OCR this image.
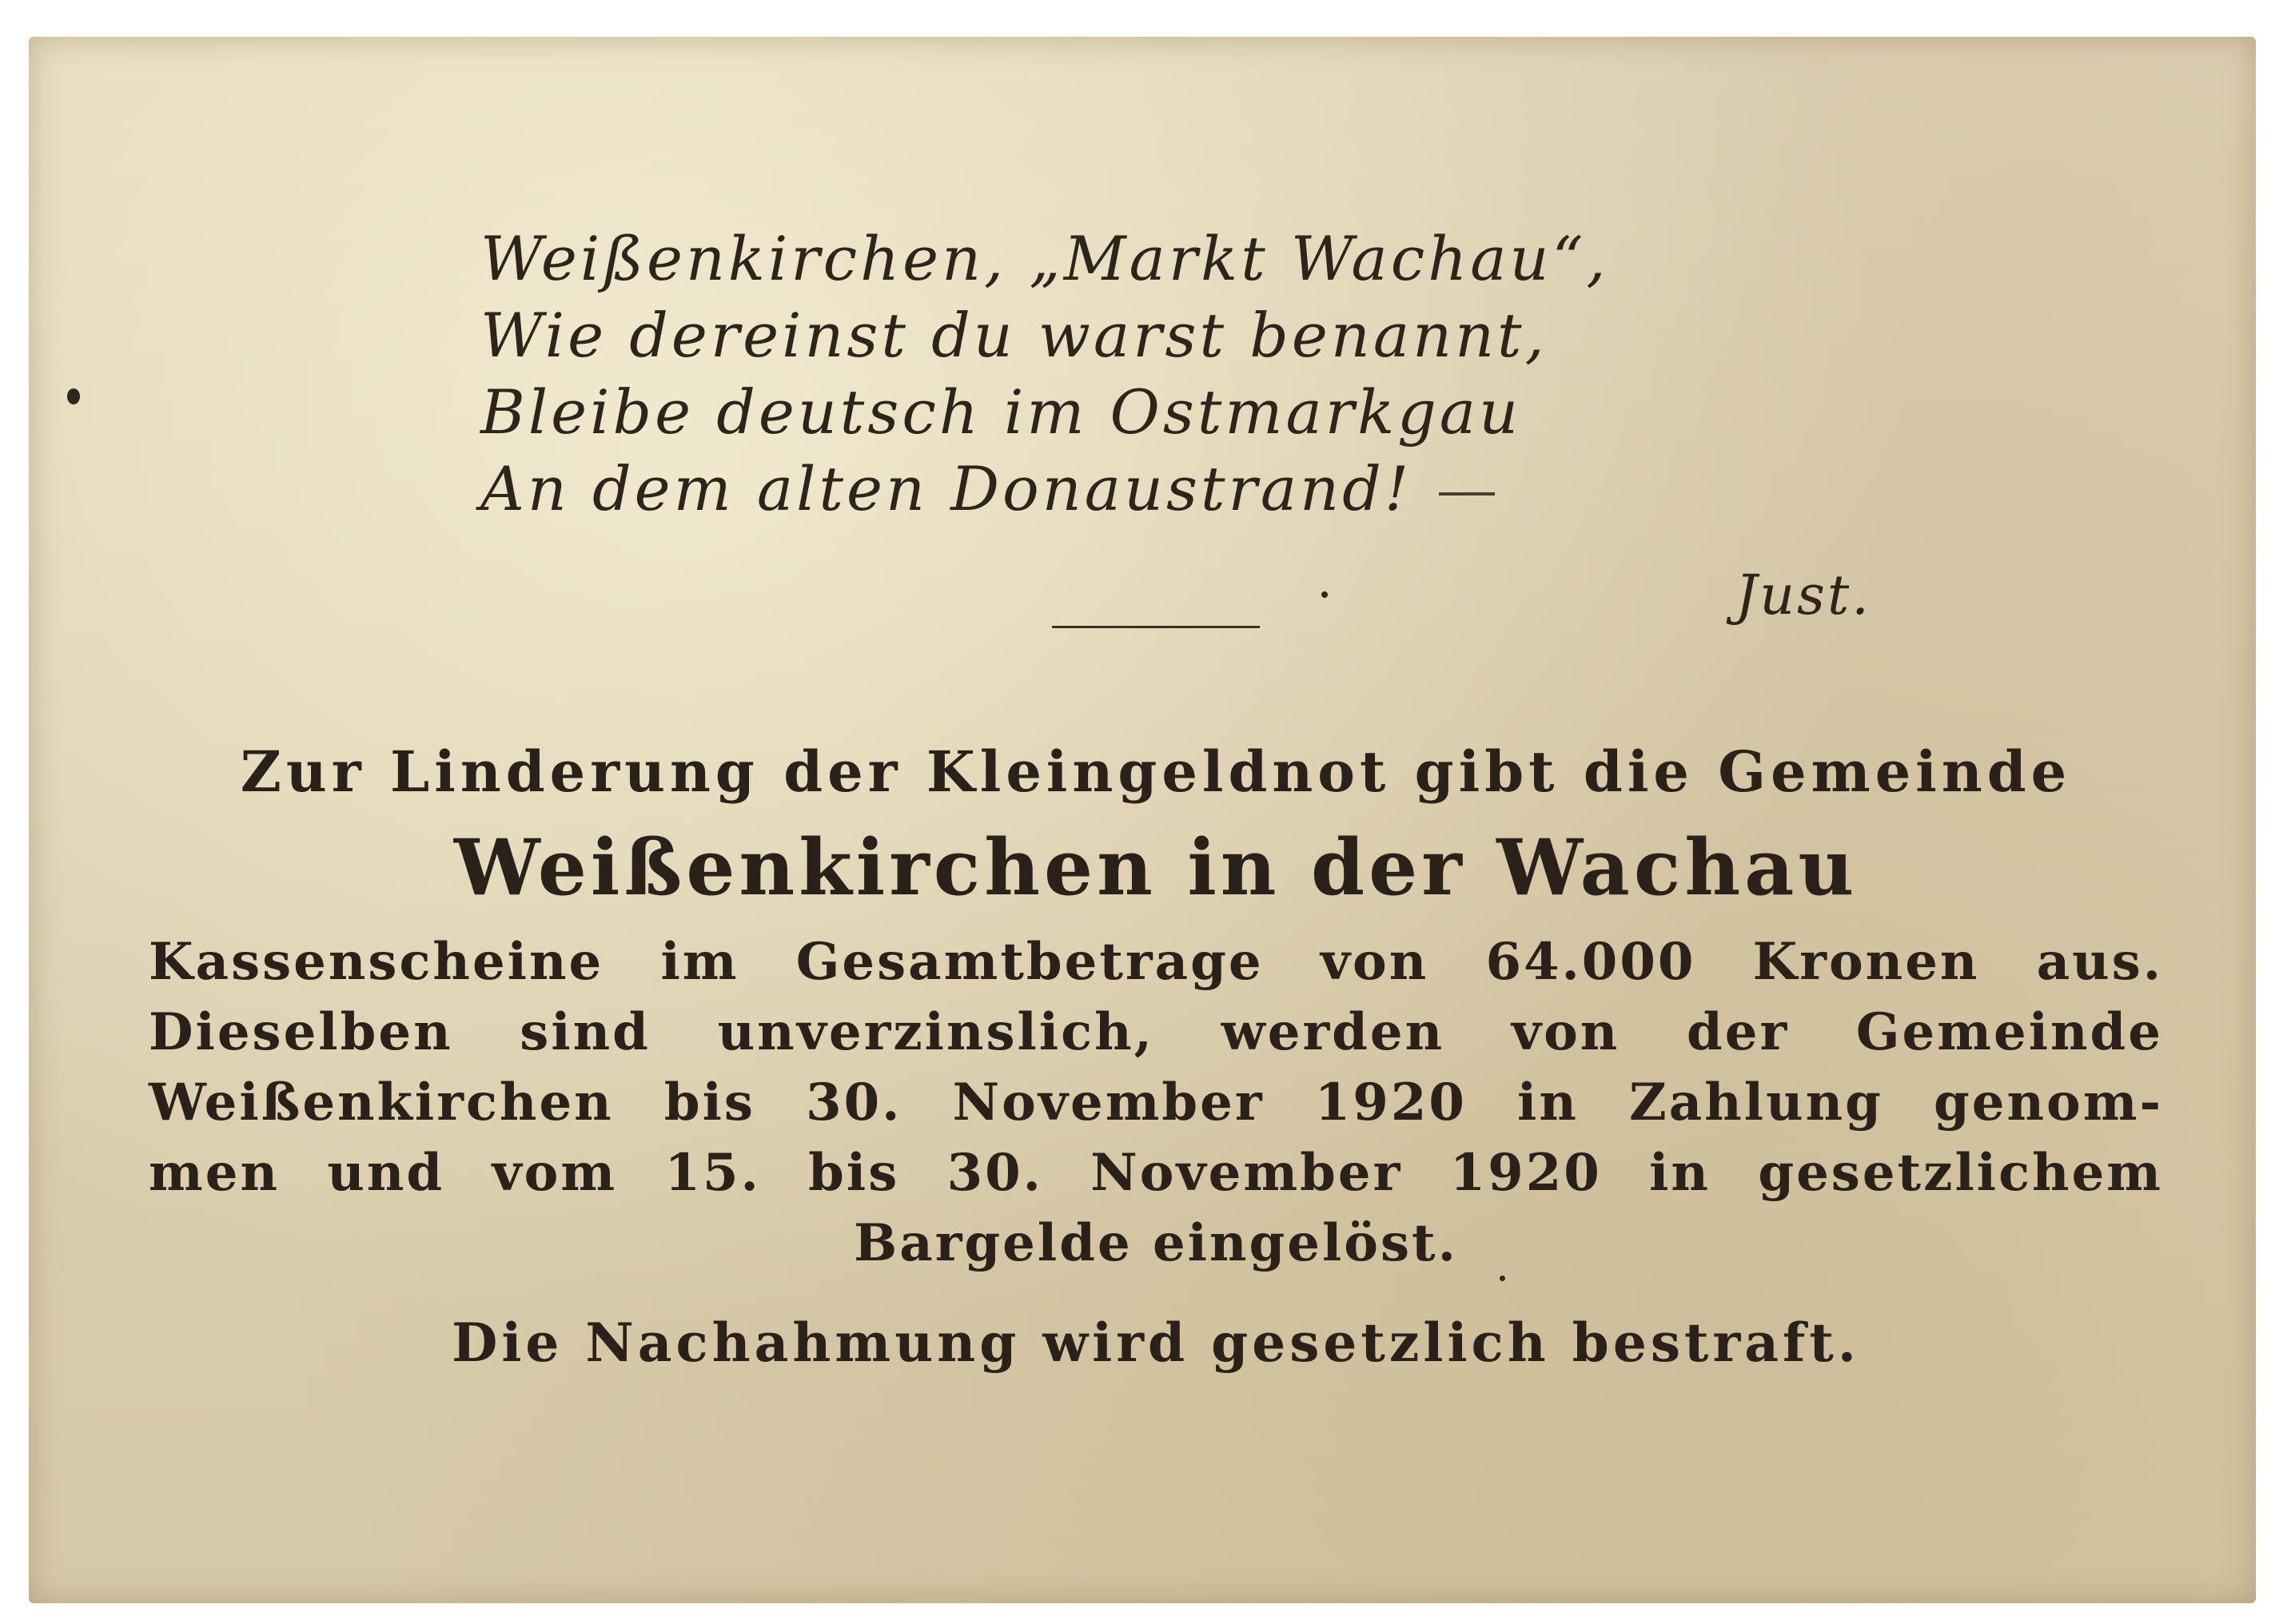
Weißenkirchen, „Markt Wachau“,
Wie dereinst du warst benannt,
Bleibe deutsch im Ostmarkgau
An dem alten Donaustrand!
Just.
Zur Linderung der Kleingeldnot gibt die Gemeinde
Weißenkirchen in der Wachau
Kassenscheine im Gesamtbetrage von 64.000 Kronen aus.
Dieselben sind unverzinslich, werden von der Gemeinde
Weißenkirchen bis 30. November 1920 in Zahlung genom-
men und vom 15. bis 30. November 1920 in gesetzlichem
Bargelde eingelöst.
Die Nachahmung wird gesetzlich bestraft.
